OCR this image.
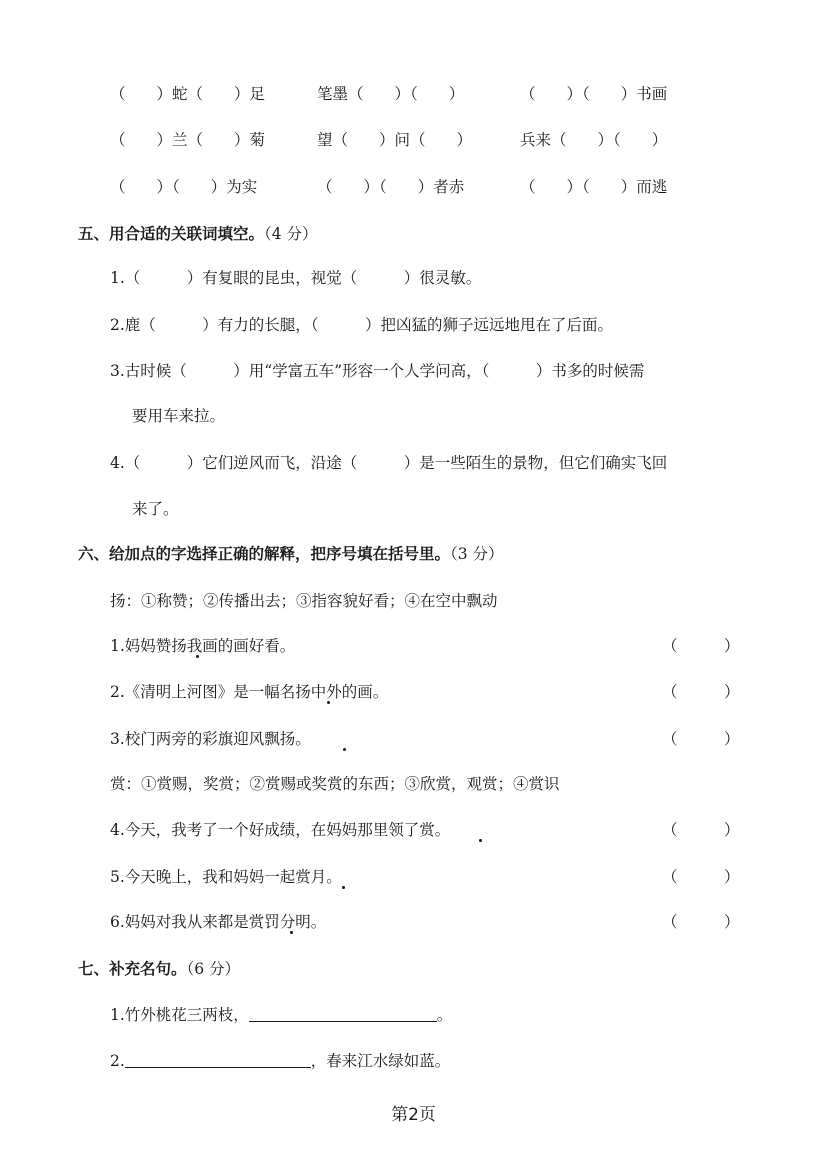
（　　）蛇（　　）足	笔墨（　　）（　　）	（　　）（　　）书画
（　　）兰（　　）菊	望（　　）问（　　）	兵来（　　）（　　）
（　　）（　　）为实	（　　）（　　）者赤	（　　）（　　）而逃
五、用合适的关联词填空。（4 分）
1.（　　　）有复眼的昆虫，视觉（　　　）很灵敏。
2.鹿（　　　）有力的长腿，（　　　）把凶猛的狮子远远地甩在了后面。
3.古时候（　　　）用“学富五车”形容一个人学问高，（　　　）书多的时候需
要用车来拉。
4.（　　　）它们逆风而飞，沿途（　　　）是一些陌生的景物，但它们确实飞回
来了。
六、给加点的字选择正确的解释，把序号填在括号里。（3 分）
扬：①称赞；②传播出去；③指容貌好看；④在空中飘动
1.妈妈赞扬我画的画好看。	（　　　）
2.《清明上河图》是一幅名扬中外的画。	（　　　）
3.校门两旁的彩旗迎风飘扬。	（　　　）
赏：①赏赐，奖赏；②赏赐或奖赏的东西；③欣赏，观赏；④赏识
4.今天，我考了一个好成绩，在妈妈那里领了赏。	（　　　）
5.今天晚上，我和妈妈一起赏月。	（　　　）
6.妈妈对我从来都是赏罚分明。	（　　　）
七、补充名句。（6 分）
1.竹外桃花三两枝，	。
2.	，春来江水绿如蓝。
第2页
